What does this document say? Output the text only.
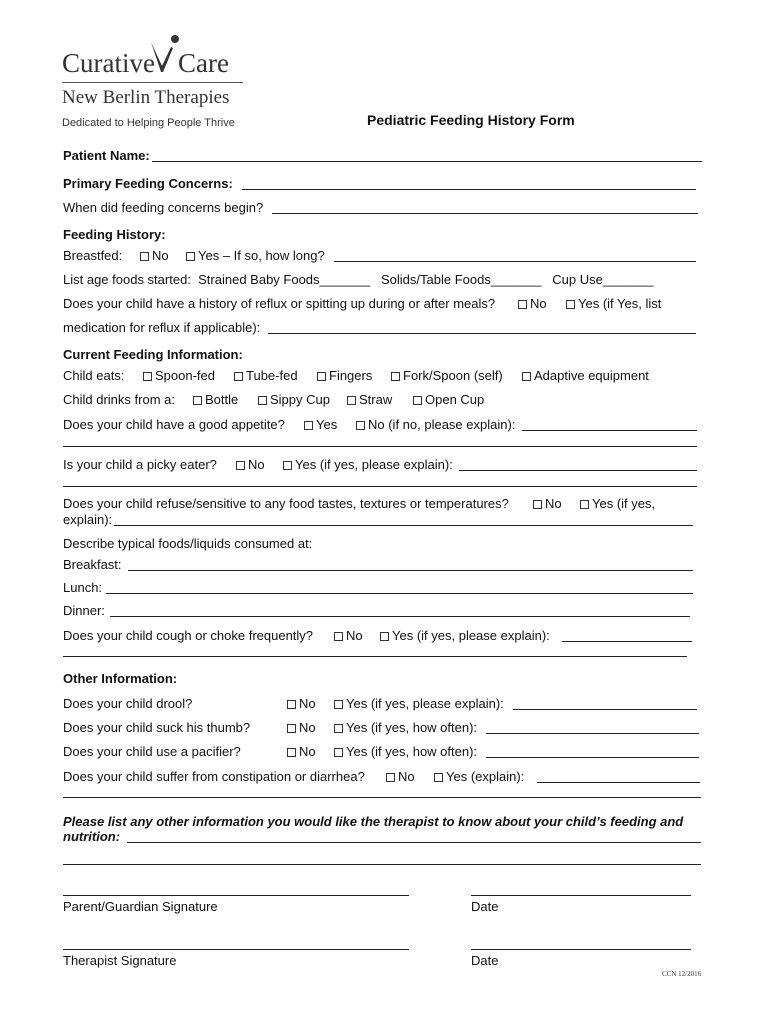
Curative Care
New Berlin Therapies
Dedicated to Helping People Thrive	Pediatric Feeding History Form
Patient Name:
Primary Feeding Concerns:
When did feeding concerns begin?
Feeding History:
Breastfed:	No	Yes – If so, how long?
List age foods started:  Strained Baby Foods_______   Solids/Table Foods_______   Cup Use_______
Does your child have a history of reflux or spitting up during or after meals?	No	Yes (if Yes, list
medication for reflux if applicable):
Current Feeding Information:
Child eats:	Spoon-fed	Tube-fed	Fingers	Fork/Spoon (self)	Adaptive equipment
Child drinks from a:	Bottle	Sippy Cup	Straw	Open Cup
Does your child have a good appetite?	Yes	No (if no, please explain):
Is your child a picky eater?	No	Yes (if yes, please explain):
Does your child refuse/sensitive to any food tastes, textures or temperatures?	No	Yes (if yes,
explain):
Describe typical foods/liquids consumed at:
Breakfast:
Lunch:
Dinner:
Does your child cough or choke frequently?	No	Yes (if yes, please explain):
Other Information:
Does your child drool?	No	Yes (if yes, please explain):
Does your child suck his thumb?	No	Yes (if yes, how often):
Does your child use a pacifier?	No	Yes (if yes, how often):
Does your child suffer from constipation or diarrhea?	No	Yes (explain):
Please list any other information you would like the therapist to know about your child’s feeding and
nutrition:
Parent/Guardian Signature	Date
Therapist Signature	Date
CCN 12/2016
